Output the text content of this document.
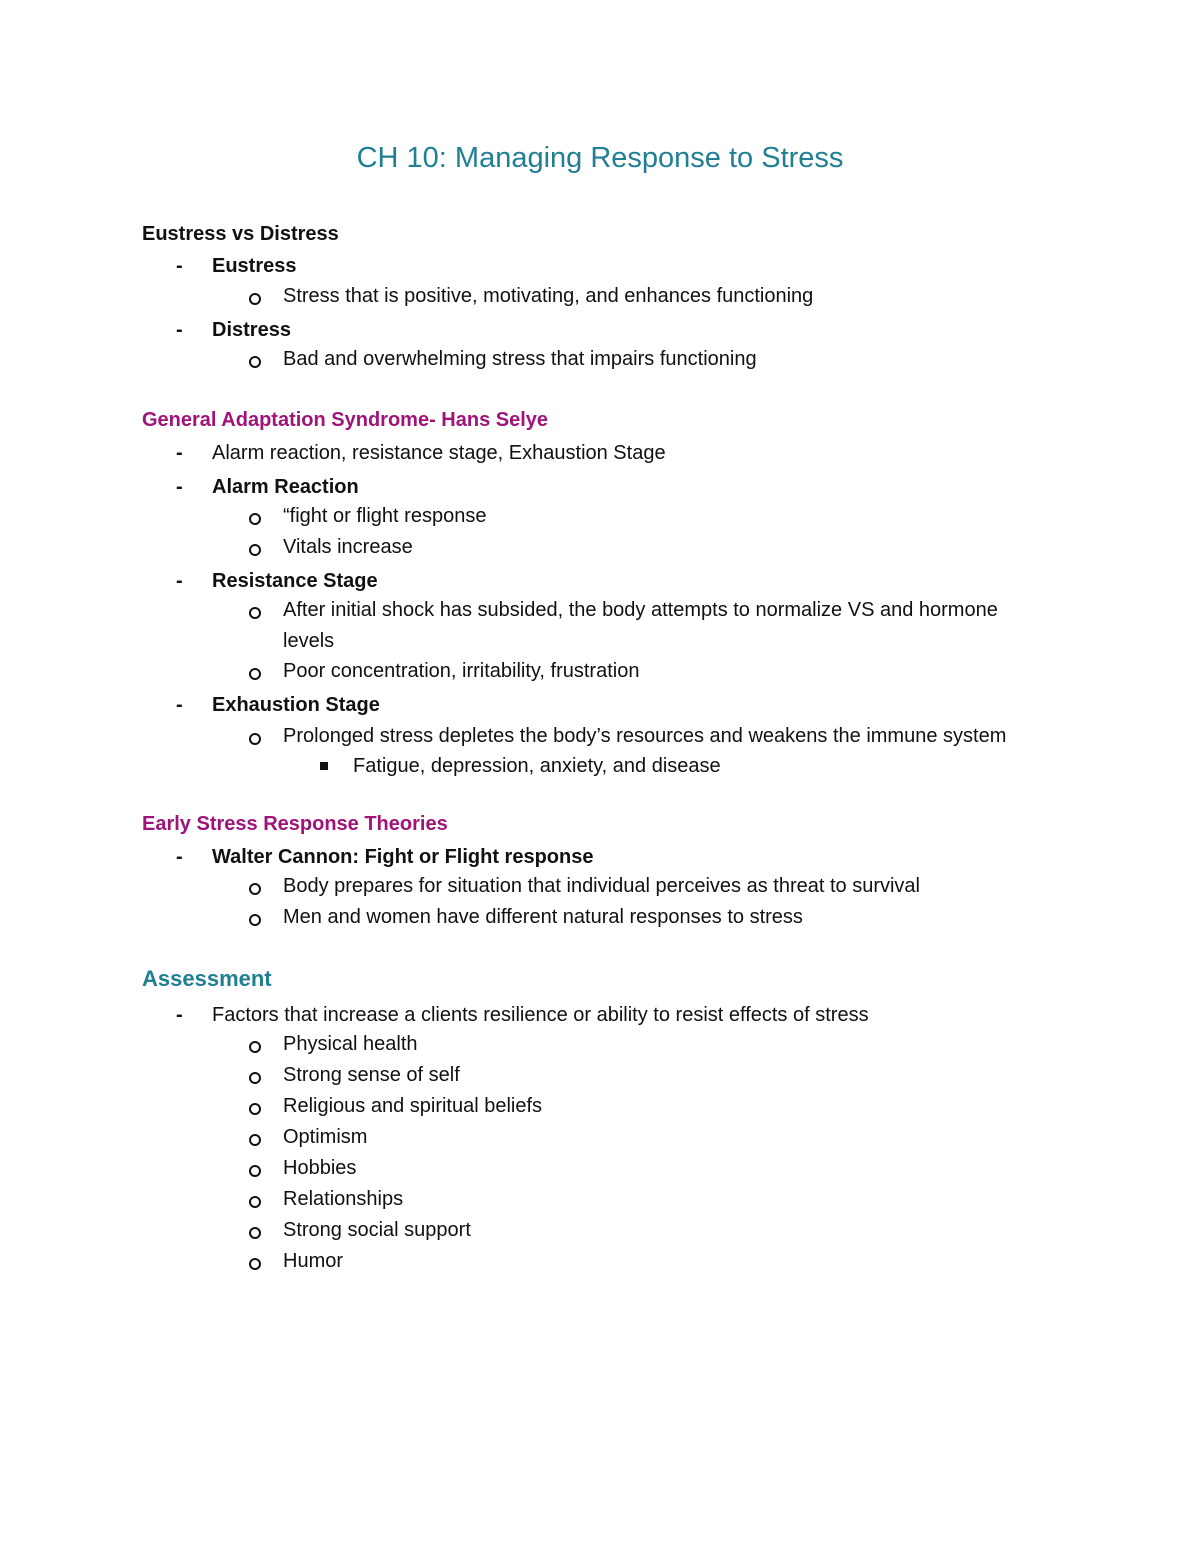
CH 10: Managing Response to Stress
Eustress vs Distress
- Eustress
Stress that is positive, motivating, and enhances functioning
- Distress
Bad and overwhelming stress that impairs functioning
General Adaptation Syndrome- Hans Selye
- Alarm reaction, resistance stage, Exhaustion Stage
- Alarm Reaction
“fight or flight response
Vitals increase
- Resistance Stage
After initial shock has subsided, the body attempts to normalize VS and hormone
levels
Poor concentration, irritability, frustration
- Exhaustion Stage
Prolonged stress depletes the body’s resources and weakens the immune system
Fatigue, depression, anxiety, and disease
Early Stress Response Theories
- Walter Cannon: Fight or Flight response
Body prepares for situation that individual perceives as threat to survival
Men and women have different natural responses to stress
Assessment
- Factors that increase a clients resilience or ability to resist effects of stress
Physical health
Strong sense of self
Religious and spiritual beliefs
Optimism
Hobbies
Relationships
Strong social support
Humor
